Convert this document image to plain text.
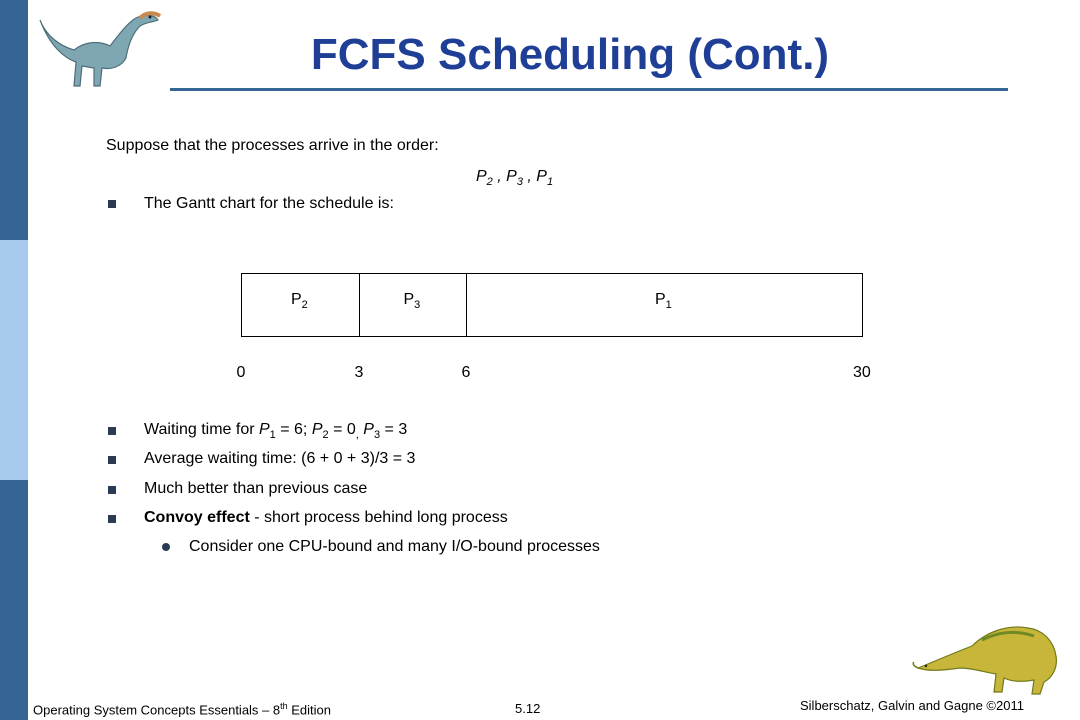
FCFS Scheduling (Cont.)
Suppose that the processes arrive in the order:
$P_2$ , $P_3$ , $P_1$
The Gantt chart for the schedule is:
$P_2$	$P_3$	$P_1$
0	3	6	30
Waiting time for $P_1 = 6$; $P_2 = 0_,$ $P_3 = 3$
Average waiting time: (6 + 0 + 3)/3 = 3
Much better than previous case
Convoy effect - short process behind long process
Consider one CPU-bound and many I/O-bound processes
Operating System Concepts Essentials – 8th Edition	5.12	Silberschatz, Galvin and Gagne ©2011
